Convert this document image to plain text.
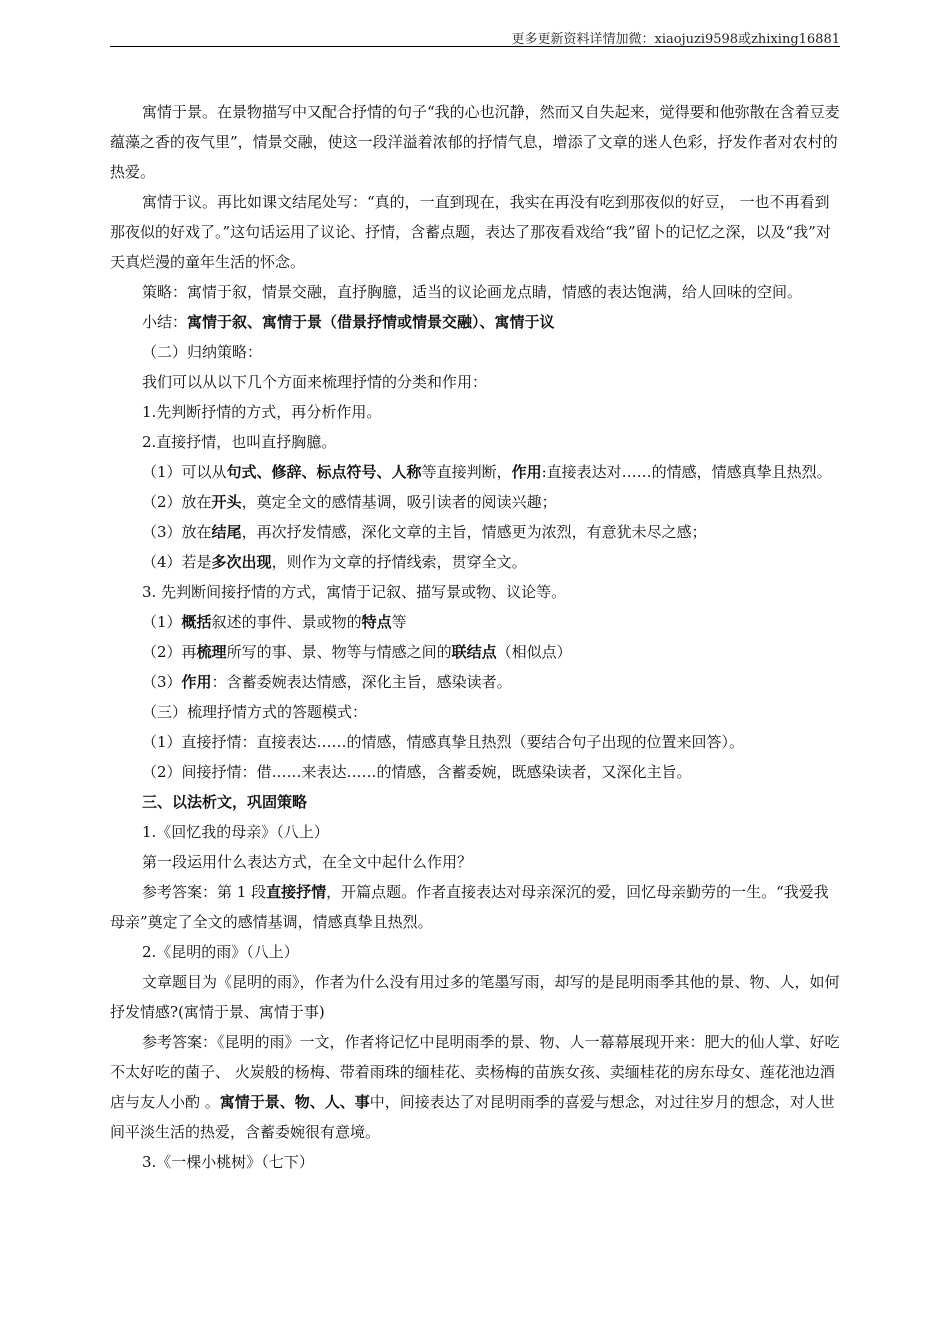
更多更新资料详情加微：xiaojuzi9598或zhixing16881

寓情于景。在景物描写中又配合抒情的句子“我的心也沉静，然而又自失起来，觉得要和他弥散在含着豆麦蕴藻之香的夜气里”，情景交融，使这一段洋溢着浓郁的抒情气息，增添了文章的迷人色彩，抒发作者对农村的热爱。

寓情于议。再比如课文结尾处写：“真的，一直到现在，我实在再没有吃到那夜似的好豆， 一也不再看到那夜似的好戏了。”这句话运用了议论、抒情，含蓄点题，表达了那夜看戏给“我”留卜的记忆之深，以及“我”对天真烂漫的童年生活的怀念。

策略：寓情于叙，情景交融，直抒胸臆，适当的议论画龙点睛，情感的表达饱满，给人回味的空间。

小结：寓情于叙、寓情于景（借景抒情或情景交融）、寓情于议

（二）归纳策略：

我们可以从以下几个方面来梳理抒情的分类和作用：

1.先判断抒情的方式，再分析作用。

2.直接抒情，也叫直抒胸臆。

（1）可以从句式、修辞、标点符号、人称等直接判断，作用:直接表达对……的情感，情感真挚且热烈。

（2）放在开头，奠定全文的感情基调，吸引读者的阅读兴趣；

（3）放在结尾，再次抒发情感，深化文章的主旨，情感更为浓烈，有意犹未尽之感；

（4）若是多次出现，则作为文章的抒情线索，贯穿全文。

3. 先判断间接抒情的方式，寓情于记叙、描写景或物、议论等。

（1）概括叙述的事件、景或物的特点等

（2）再梳理所写的事、景、物等与情感之间的联结点（相似点）

（3）作用：含蓄委婉表达情感，深化主旨，感染读者。

（三）梳理抒情方式的答题模式：

（1）直接抒情：直接表达……的情感，情感真挚且热烈（要结合句子出现的位置来回答）。

（2）间接抒情：借……来表达……的情感，含蓄委婉，既感染读者，又深化主旨。

三、以法析文，巩固策略

1.《回忆我的母亲》（八上）

第一段运用什么表达方式，在全文中起什么作用？

参考答案：第 1 段直接抒情，开篇点题。作者直接表达对母亲深沉的爱，回忆母亲勤劳的一生。“我爱我母亲”奠定了全文的感情基调，情感真挚且热烈。

2.《昆明的雨》（八上）

文章题目为《昆明的雨》，作者为什么没有用过多的笔墨写雨，却写的是昆明雨季其他的景、物、人，如何抒发情感?(寓情于景、寓情于事)

参考答案：《昆明的雨》一文，作者将记忆中昆明雨季的景、物、人一幕幕展现开来：肥大的仙人掌、好吃不太好吃的菌子、 火炭般的杨梅、带着雨珠的缅桂花、卖杨梅的苗族女孩、卖缅桂花的房东母女、莲花池边酒店与友人小酌 。寓情于景、物、人、事中，间接表达了对昆明雨季的喜爱与想念，对过往岁月的想念，对人世间平淡生活的热爱，含蓄委婉很有意境。

3.《一棵小桃树》（七下）
